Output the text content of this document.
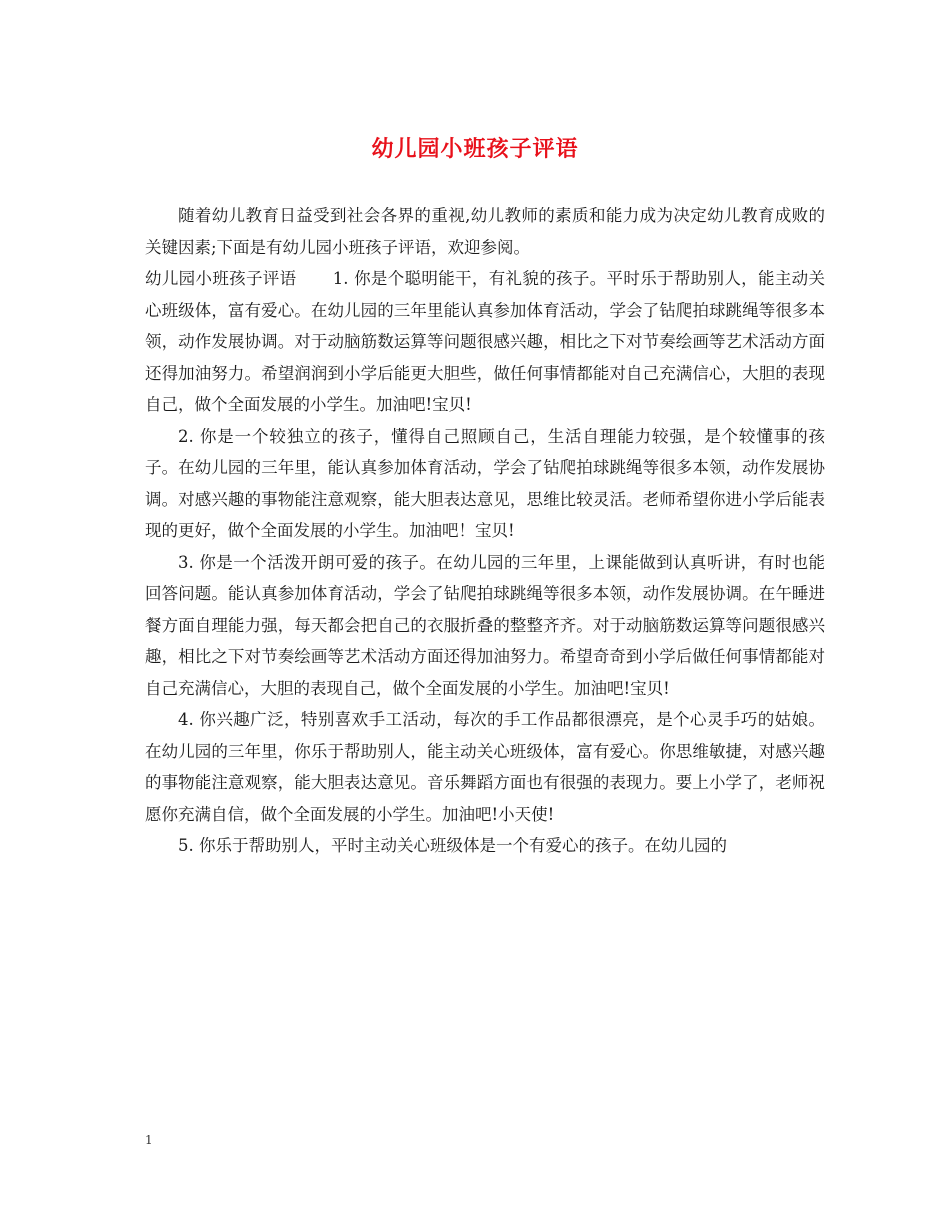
幼儿园小班孩子评语

随着幼儿教育日益受到社会各界的重视,幼儿教师的素质和能力成为决定幼儿教育成败的关键因素;下面是有幼儿园小班孩子评语，欢迎参阅。

幼儿园小班孩子评语 1. 你是个聪明能干，有礼貌的孩子。平时乐于帮助别人，能主动关心班级体，富有爱心。在幼儿园的三年里能认真参加体育活动，学会了钻爬拍球跳绳等很多本领，动作发展协调。对于动脑筋数运算等问题很感兴趣，相比之下对节奏绘画等艺术活动方面还得加油努力。希望润润到小学后能更大胆些，做任何事情都能对自己充满信心，大胆的表现自己，做个全面发展的小学生。加油吧!宝贝!

2. 你是一个较独立的孩子，懂得自己照顾自己，生活自理能力较强，是个较懂事的孩子。在幼儿园的三年里，能认真参加体育活动，学会了钻爬拍球跳绳等很多本领，动作发展协调。对感兴趣的事物能注意观察，能大胆表达意见，思维比较灵活。老师希望你进小学后能表现的更好，做个全面发展的小学生。加油吧！宝贝!

3. 你是一个活泼开朗可爱的孩子。在幼儿园的三年里，上课能做到认真听讲，有时也能回答问题。能认真参加体育活动，学会了钻爬拍球跳绳等很多本领，动作发展协调。在午睡进餐方面自理能力强，每天都会把自己的衣服折叠的整整齐齐。对于动脑筋数运算等问题很感兴趣，相比之下对节奏绘画等艺术活动方面还得加油努力。希望奇奇到小学后做任何事情都能对自己充满信心，大胆的表现自己，做个全面发展的小学生。加油吧!宝贝!

4. 你兴趣广泛，特别喜欢手工活动，每次的手工作品都很漂亮，是个心灵手巧的姑娘。在幼儿园的三年里，你乐于帮助别人，能主动关心班级体，富有爱心。你思维敏捷，对感兴趣的事物能注意观察，能大胆表达意见。音乐舞蹈方面也有很强的表现力。要上小学了，老师祝愿你充满自信，做个全面发展的小学生。加油吧!小天使!

5. 你乐于帮助别人，平时主动关心班级体是一个有爱心的孩子。在幼儿园的

1
